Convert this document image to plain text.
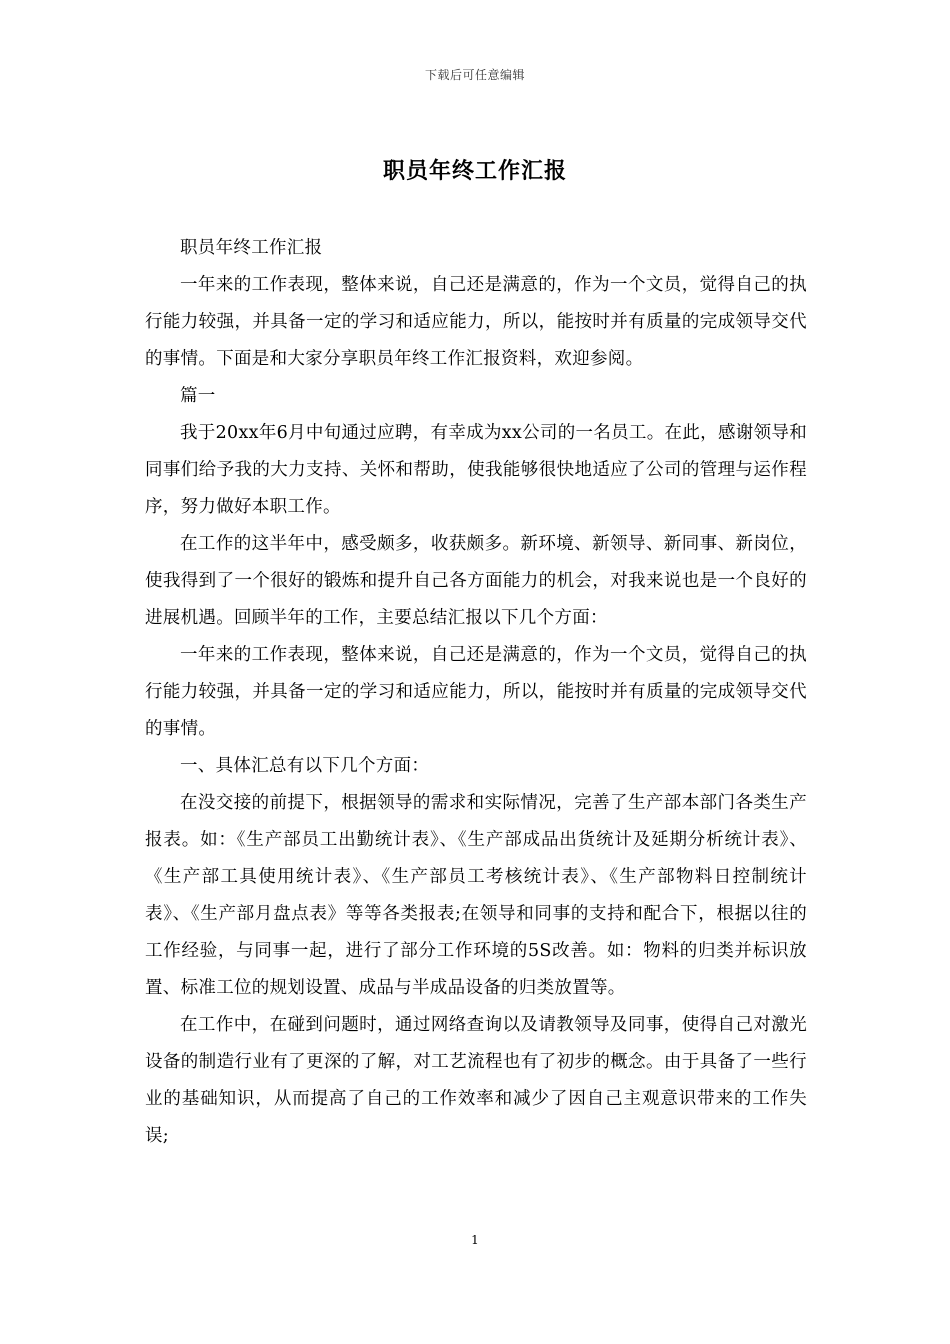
下载后可任意编辑
职员年终工作汇报

职员年终工作汇报

一年来的工作表现，整体来说，自己还是满意的，作为一个文员，觉得自己的执行能力较强，并具备一定的学习和适应能力，所以，能按时并有质量的完成领导交代的事情。下面是和大家分享职员年终工作汇报资料，欢迎参阅。

篇一

我于20xx年6月中旬通过应聘，有幸成为xx公司的一名员工。在此，感谢领导和同事们给予我的大力支持、关怀和帮助，使我能够很快地适应了公司的管理与运作程序，努力做好本职工作。

在工作的这半年中，感受颇多，收获颇多。新环境、新领导、新同事、新岗位，使我得到了一个很好的锻炼和提升自己各方面能力的机会，对我来说也是一个良好的进展机遇。回顾半年的工作，主要总结汇报以下几个方面：

一年来的工作表现，整体来说，自己还是满意的，作为一个文员，觉得自己的执行能力较强，并具备一定的学习和适应能力，所以，能按时并有质量的完成领导交代的事情。

一、具体汇总有以下几个方面：

在没交接的前提下，根据领导的需求和实际情况，完善了生产部本部门各类生产报表。如：《生产部员工出勤统计表》、《生产部成品出货统计及延期分析统计表》、《生产部工具使用统计表》、《生产部员工考核统计表》、《生产部物料日控制统计表》、《生产部月盘点表》等等各类报表;在领导和同事的支持和配合下，根据以往的工作经验，与同事一起，进行了部分工作环境的5S改善。如：物料的归类并标识放置、标准工位的规划设置、成品与半成品设备的归类放置等。

在工作中，在碰到问题时，通过网络查询以及请教领导及同事，使得自己对激光设备的制造行业有了更深的了解，对工艺流程也有了初步的概念。由于具备了一些行业的基础知识，从而提高了自己的工作效率和减少了因自己主观意识带来的工作失误;

1
